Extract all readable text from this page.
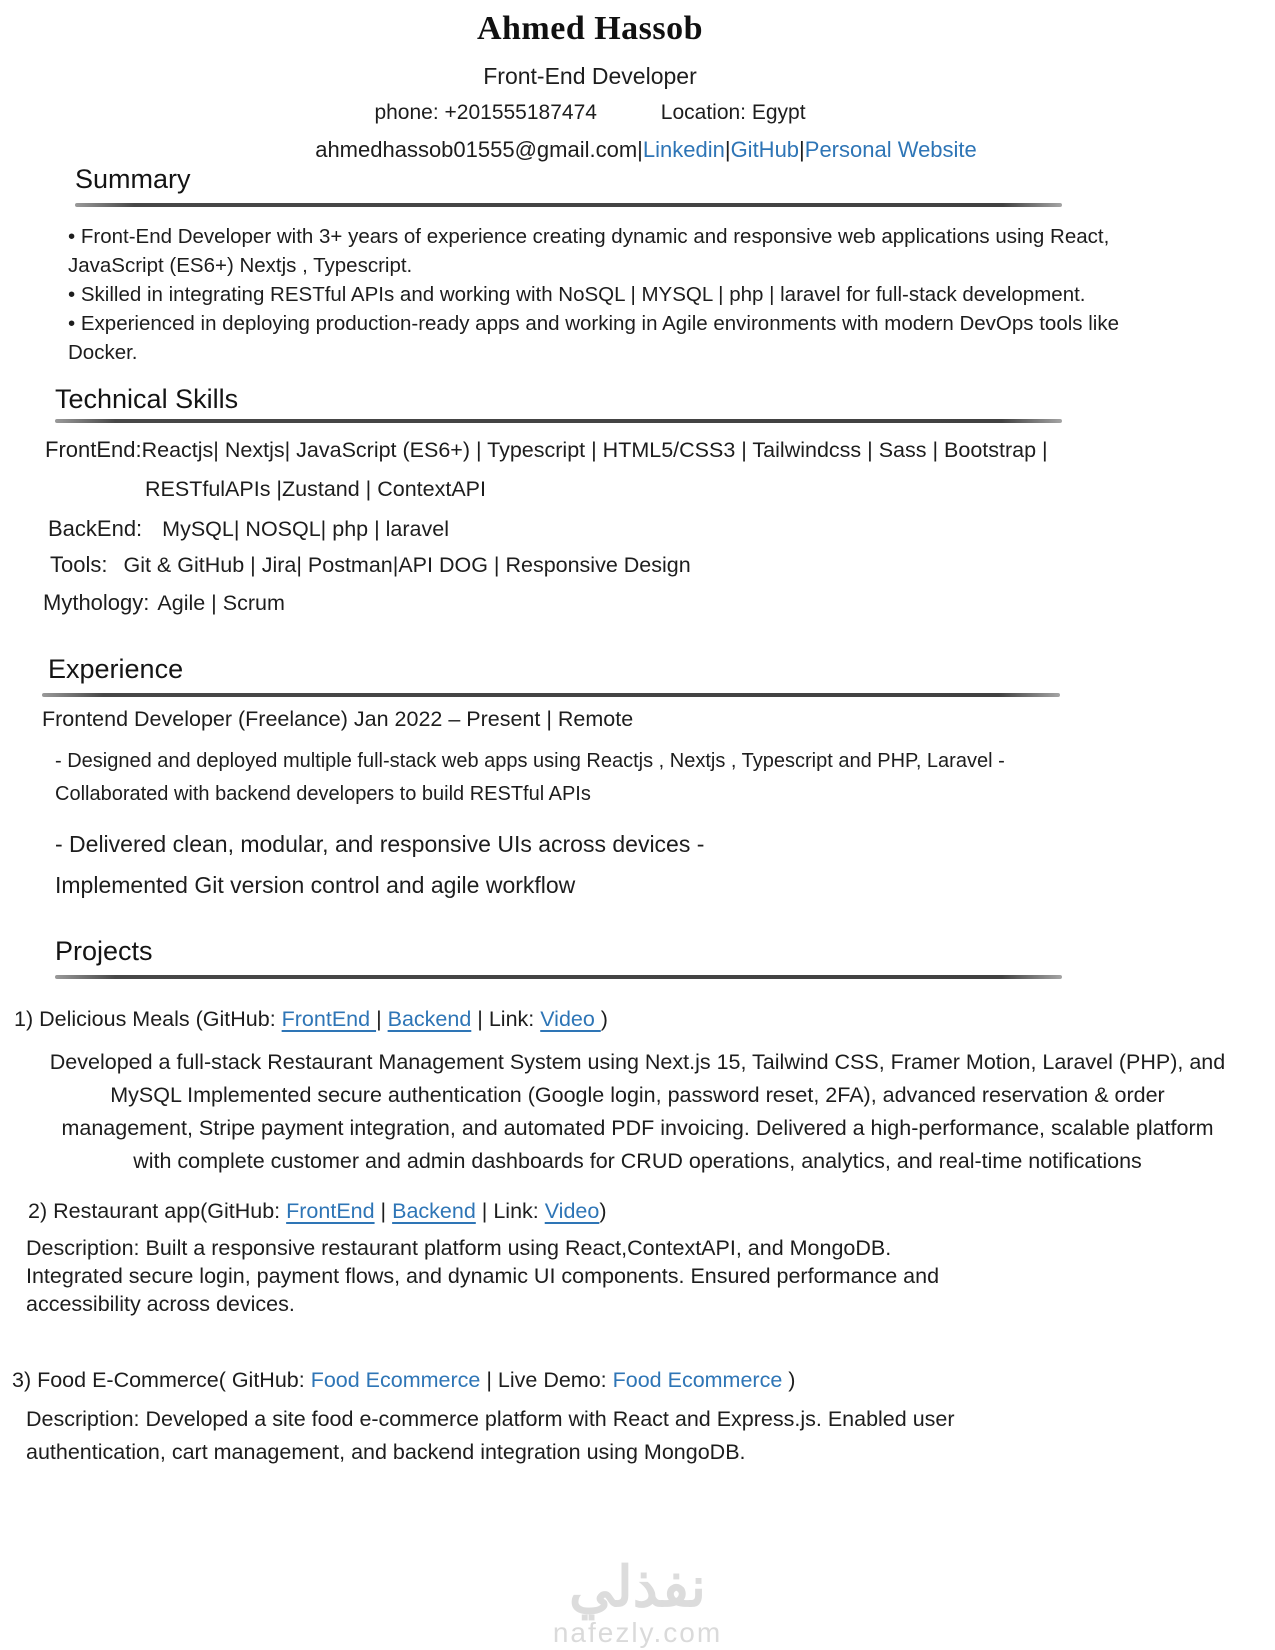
Ahmed Hassob
Front-End Developer
phone: +201555187474	Location: Egypt
ahmedhassob01555@gmail.com|Linkedin|GitHub|Personal Website
Summary

• Front-End Developer with 3+ years of experience creating dynamic and responsive web applications using React, JavaScript (ES6+) Nextjs , Typescript.

• Skilled in integrating RESTful APIs and working with NoSQL | MYSQL | php | laravel for full-stack development.

• Experienced in deploying production-ready apps and working in Agile environments with modern DevOps tools like Docker.

Technical Skills
FrontEnd:Reactjs| Nextjs| JavaScript (ES6+) | Typescript | HTML5/CSS3 | Tailwindcss | Sass | Bootstrap |
RESTfulAPIs |Zustand | ContextAPI
BackEnd: MySQL| NOSQL| php | laravel
Tools: Git & GitHub | Jira| Postman|API DOG | Responsive Design
Mythology: Agile | Scrum
Experience
Frontend Developer (Freelance) Jan 2022 – Present | Remote
- Designed and deployed multiple full-stack web apps using Reactjs , Nextjs , Typescript and PHP, Laravel -
Collaborated with backend developers to build RESTful APIs
- Delivered clean, modular, and responsive UIs across devices -
Implemented Git version control and agile workflow
Projects
1) Delicious Meals (GitHub: FrontEnd | Backend | Link: Video )
Developed a full-stack Restaurant Management System using Next.js 15, Tailwind CSS, Framer Motion, Laravel (PHP), and
MySQL Implemented secure authentication (Google login, password reset, 2FA), advanced reservation & order
management, Stripe payment integration, and automated PDF invoicing. Delivered a high-performance, scalable platform
with complete customer and admin dashboards for CRUD operations, analytics, and real-time notifications
2) Restaurant app(GitHub: FrontEnd | Backend | Link: Video)
Description: Built a responsive restaurant platform using React,ContextAPI, and MongoDB.
Integrated secure login, payment flows, and dynamic UI components. Ensured performance and
accessibility across devices.
3) Food E-Commerce( GitHub: Food Ecommerce | Live Demo: Food Ecommerce )
Description: Developed a site food e-commerce platform with React and Express.js. Enabled user
authentication, cart management, and backend integration using MongoDB.
نفذلي
nafezly.com
